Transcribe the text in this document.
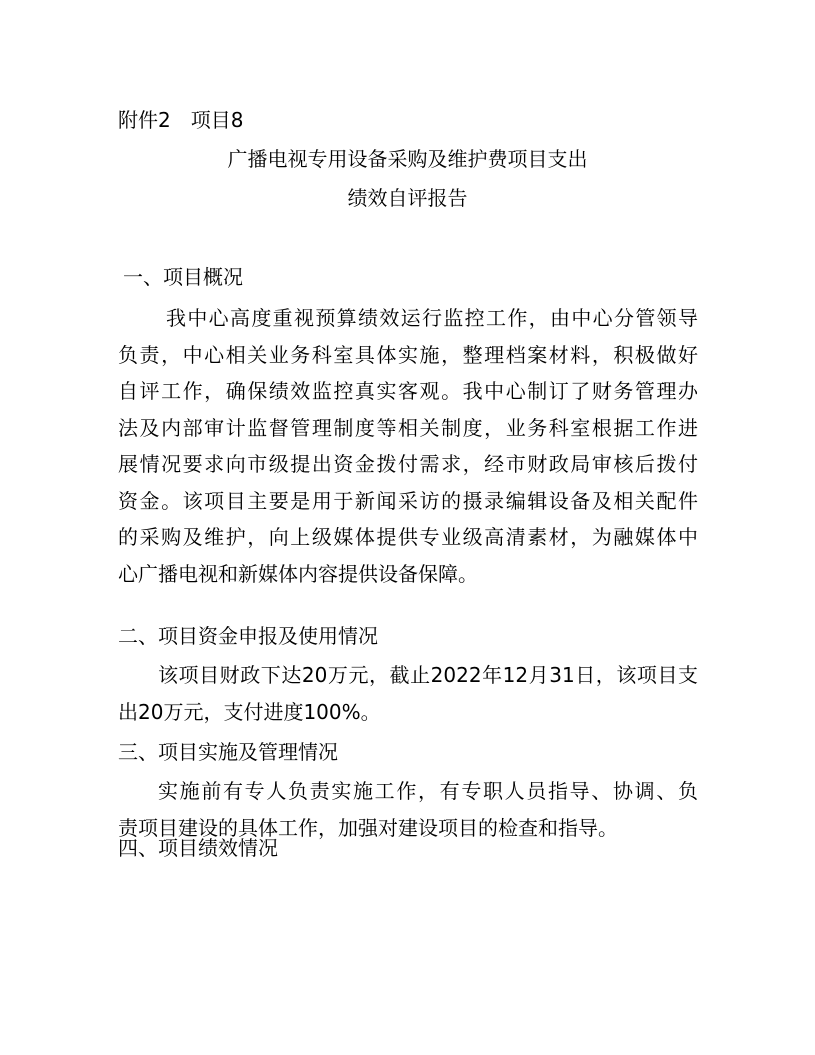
附件2　项目8
广播电视专用设备采购及维护费项目支出
绩效自评报告
一、项目概况
我中心高度重视预算绩效运行监控工作，由中心分管领导
负责，中心相关业务科室具体实施，整理档案材料，积极做好
自评工作，确保绩效监控真实客观。我中心制订了财务管理办
法及内部审计监督管理制度等相关制度，业务科室根据工作进
展情况要求向市级提出资金拨付需求，经市财政局审核后拨付
资金。该项目主要是用于新闻采访的摄录编辑设备及相关配件
的采购及维护，向上级媒体提供专业级高清素材，为融媒体中
心广播电视和新媒体内容提供设备保障。
二、项目资金申报及使用情况
该项目财政下达20万元，截止2022年12月31日，该项目支
出20万元，支付进度100%。
三、项目实施及管理情况
实施前有专人负责实施工作，有专职人员指导、协调、负
责项目建设的具体工作，加强对建设项目的检查和指导。
四、项目绩效情况
